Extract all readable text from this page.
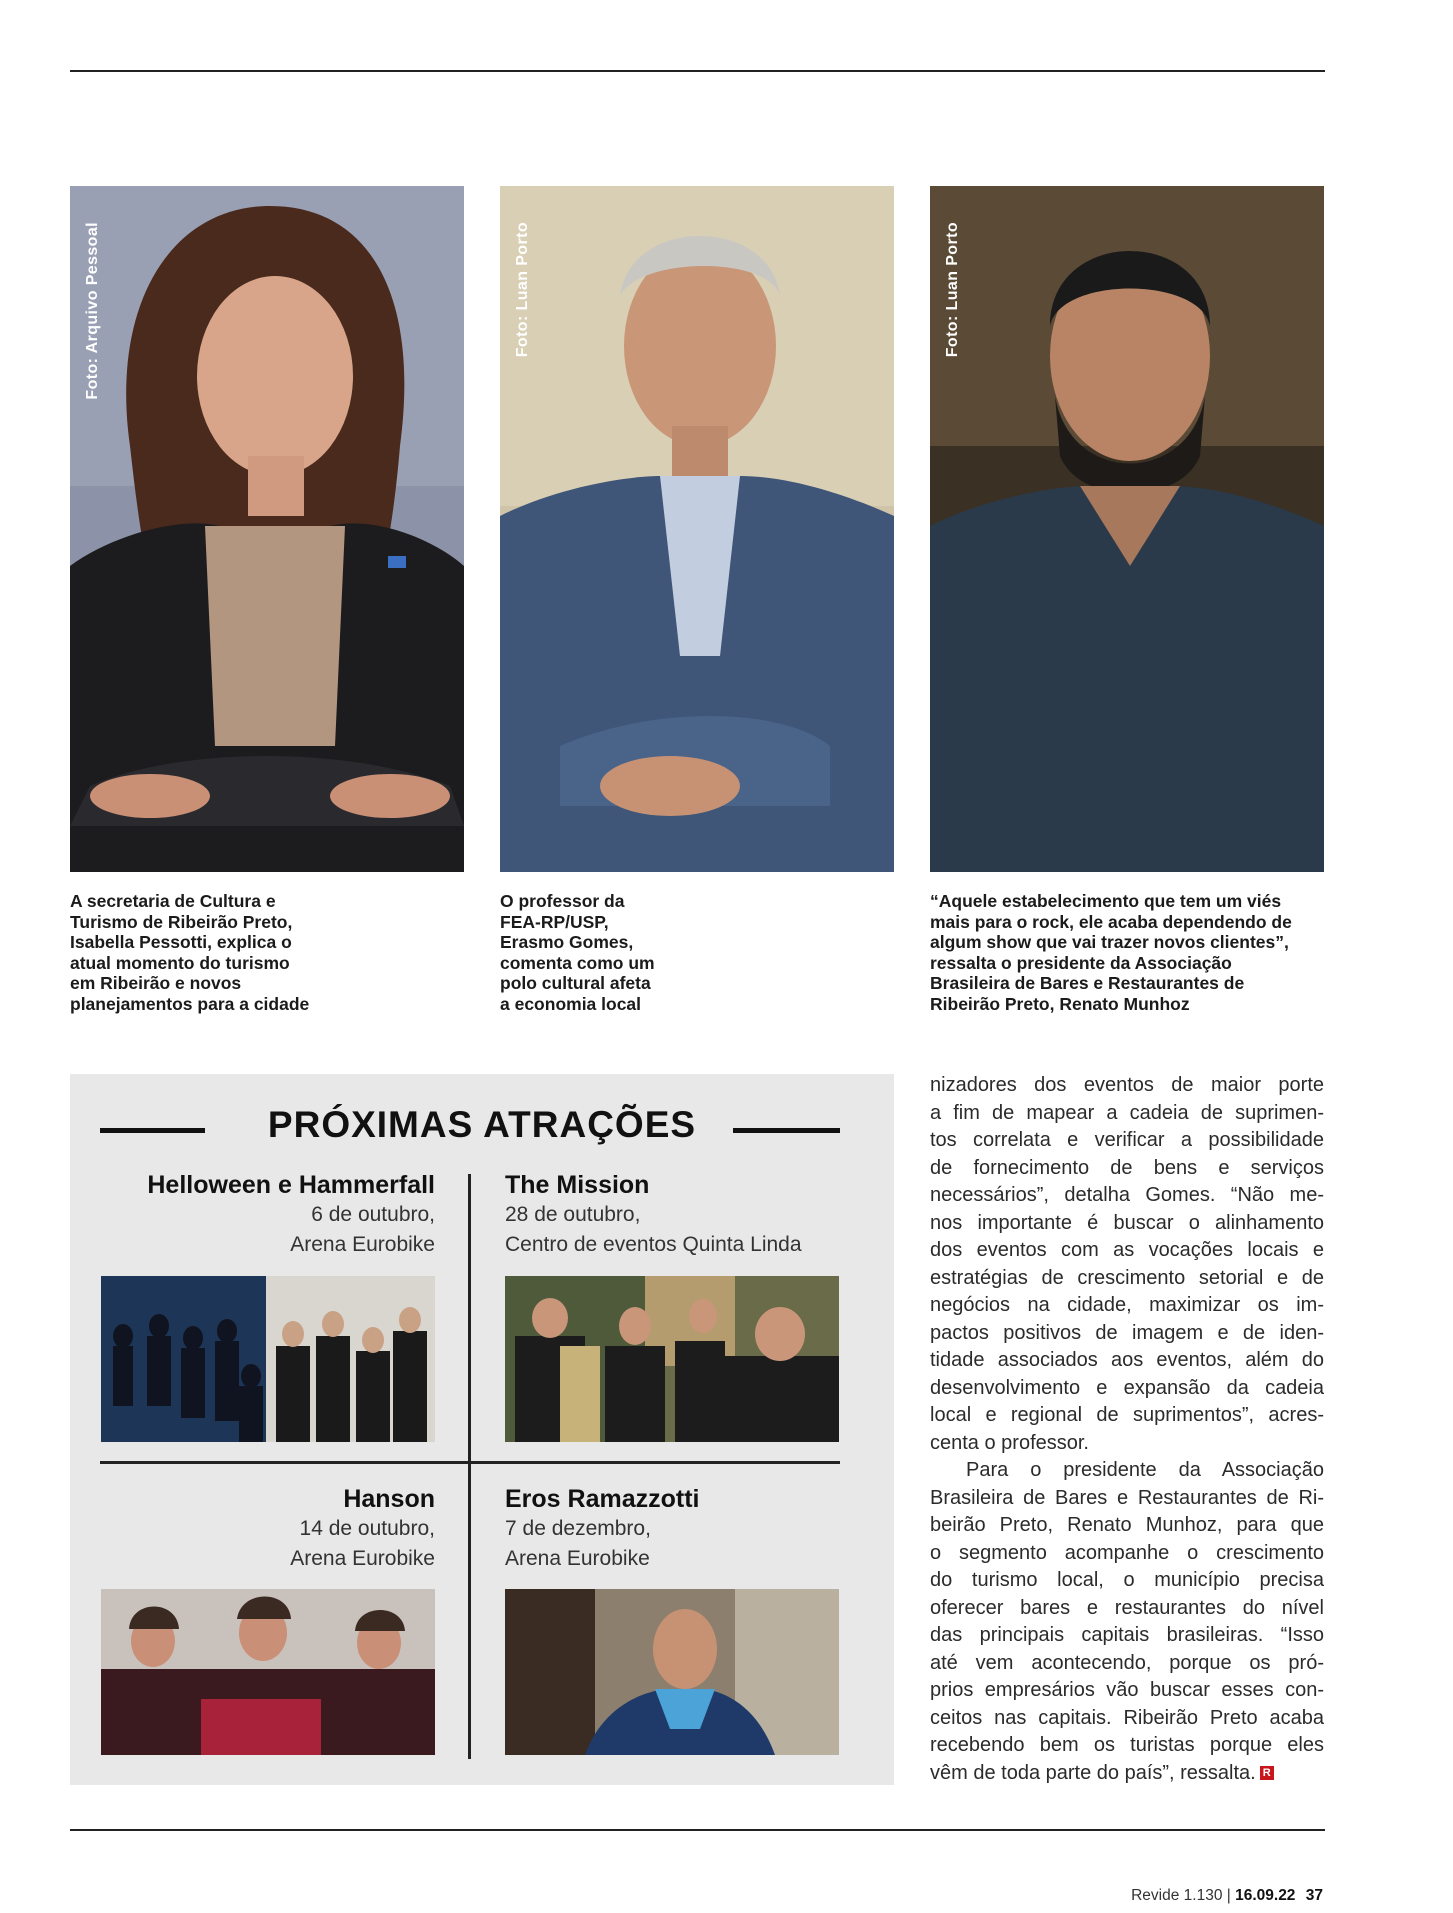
Foto: Arquivo Pessoal	Foto: Luan Porto	Foto: Luan Porto
A secretaria de Cultura e
Turismo de Ribeirão Preto,
Isabella Pessotti, explica o
atual momento do turismo
em Ribeirão e novos
planejamentos para a cidade
O professor da
FEA-RP/USP,
Erasmo Gomes,
comenta como um
polo cultural afeta
a economia local
“Aquele estabelecimento que tem um viés
mais para o rock, ele acaba dependendo de
algum show que vai trazer novos clientes”,
ressalta o presidente da Associação
Brasileira de Bares e Restaurantes de
Ribeirão Preto, Renato Munhoz
PRÓXIMAS ATRAÇÕES
Helloween e Hammerfall
6 de outubro,
Arena Eurobike
The Mission
28 de outubro,
Centro de eventos Quinta Linda
Hanson
14 de outubro,
Arena Eurobike
Eros Ramazzotti
7 de dezembro,
Arena Eurobike
nizadores dos eventos de maior porte
a fim de mapear a cadeia de suprimen-
tos correlata e verificar a possibilidade
de fornecimento de bens e serviços
necessários”, detalha Gomes. “Não me-
nos importante é buscar o alinhamento
dos eventos com as vocações locais e
estratégias de crescimento setorial e de
negócios na cidade, maximizar os im-
pactos positivos de imagem e de iden-
tidade associados aos eventos, além do
desenvolvimento e expansão da cadeia
local e regional de suprimentos”, acres-
centa o professor.
Para o presidente da Associação
Brasileira de Bares e Restaurantes de Ri-
beirão Preto, Renato Munhoz, para que
o segmento acompanhe o crescimento
do turismo local, o município precisa
oferecer bares e restaurantes do nível
das principais capitais brasileiras. “Isso
até vem acontecendo, porque os pró-
prios empresários vão buscar esses con-
ceitos nas capitais. Ribeirão Preto acaba
recebendo bem os turistas porque eles
vêm de toda parte do país”, ressalta. R
Revide 1.130 | 16.09.22 37
